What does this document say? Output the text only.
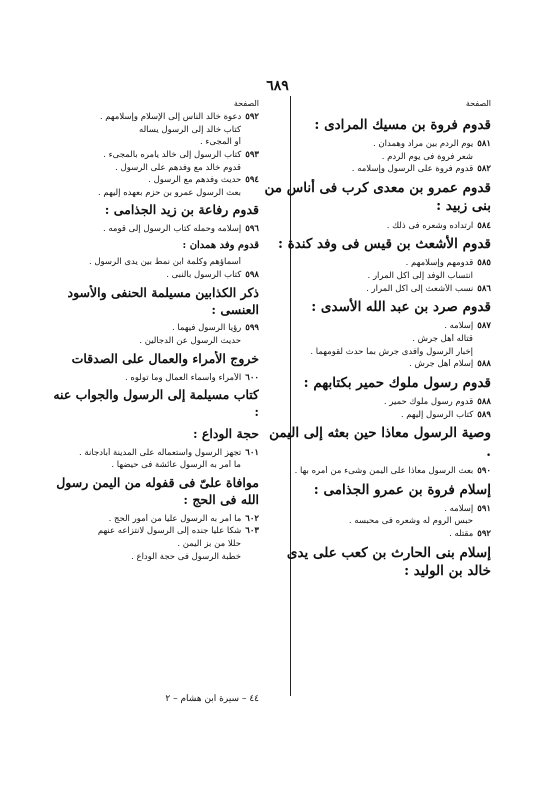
٦٨٩
الصفحة
الصفحة

قدوم فروة بن مسيك المرادى :

٥٨١يوم الردم بين مراد وهمدان .

شعر فروة فى يوم الردم .

٥٨٢قدوم فروة على الرسول وإسلامه .

قدوم عمرو بن معدى كرب فى أناس من بنى زبيد :

٥٨٤ارتداده وشعره فى ذلك .

قدوم الأشعث بن قيس فى وفد كندة :

٥٨٥قدومهم وإسلامهم .

انتساب الوفد إلى آكل المرار .

٥٨٦نسب الأشعث إلى آكل المرار .

قدوم صرد بن عبد الله الأسدى :

٥٨٧إسلامه .

قتاله أهل جرش .

إخبار الرسول وافدى جرش بما حدث لقومهما .

٥٨٨إسلام أهل جرش .

قدوم رسول ملوك حمير بكتابهم :

٥٨٨قدوم رسول ملوك حمير .

٥٨٩كتاب الرسول إليهم .

وصية الرسول معاذا حين بعثه إلى اليمن .

٥٩٠بعث الرسول معاذا على اليمن وشىء من أمره بها .

إسلام فروة بن عمرو الجذامى :

٥٩١إسلامه .

حبس الروم له وشعره فى محبسه .

٥٩٢مقتله .

إسلام بنى الحارث بن كعب على يدى خالد بن الوليد :

٥٩٢دعوة خالد الناس إلى الإسلام وإسلامهم .

كتاب خالد إلى الرسول يسأله

أو المجىء .

٥٩٣كتاب الرسول إلى خالد يأمره بالمجىء .

قدوم خالد مع وفدهم على الرسول .

٥٩٤حديث وفدهم مع الرسول .

بعث الرسول عمرو بن حزم بعهده إليهم .

قدوم رفاعة بن زيد الجذامى :

٥٩٦إسلامه وحمله كتاب الرسول إلى قومه .

قدوم وفد همدان :

أسماؤهم وكلمة ابن نمط بين يدى الرسول .

٥٩٨كتاب الرسول بالنبى .

ذكر الكذابين مسيلمة الحنفى والأسود العنسى :

٥٩٩رؤيا الرسول فيهما .

حديث الرسول عن الدجالين .

خروج الأمراء والعمال على الصدقات

٦٠٠الأمراء وأسماء العمال وما تولوه .

كتاب مسيلمة إلى الرسول والجواب عنه :

حجة الوداع :

٦٠١تجهز الرسول واستعماله على المدينة أبادجانة .

ما أمر به الرسول عائشة فى حيضها .

موافاة علىّ فى قفوله من اليمن رسول الله فى الحج :

٦٠٢ما أمر به الرسول عليا من أمور الحج .

٦٠٣شكا عليا جنده إلى الرسول لانتزاعه عنهم

حللا من بز اليمن .

خطبة الرسول فى حجة الوداع .

٤٤ – سيرة ابن هشام – ٢
